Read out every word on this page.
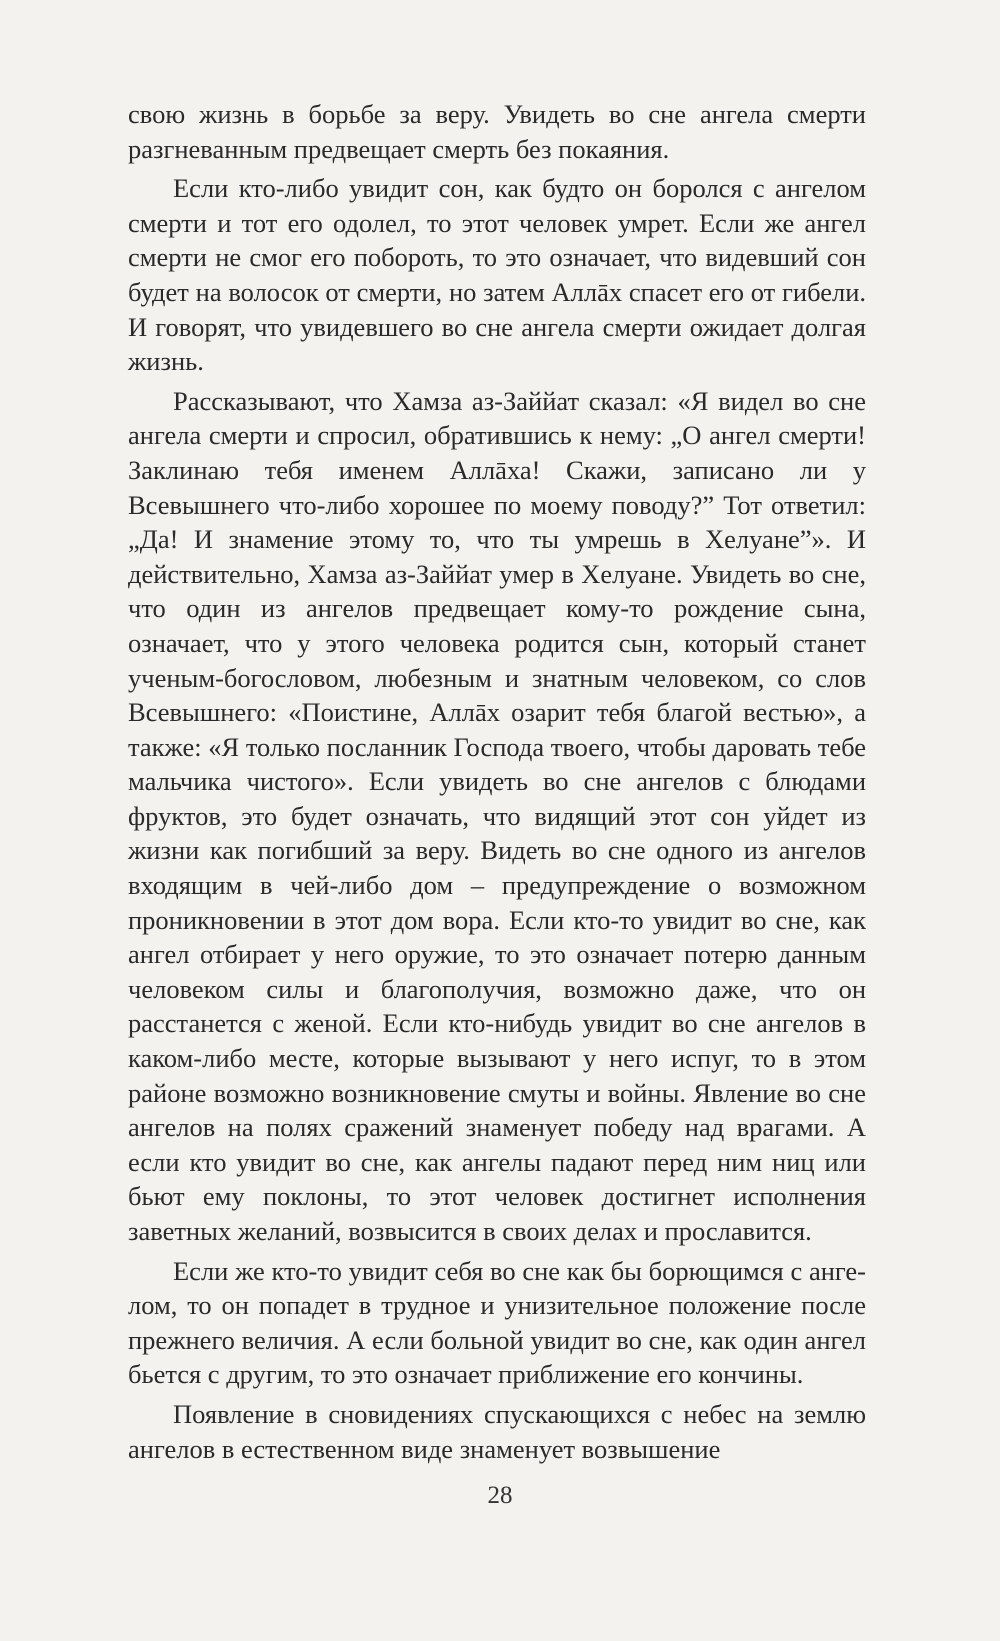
свою жизнь в борьбе за веру. Увидеть во сне ангела смерти разгневанным предвещает смерть без покаяния.

Если кто-либо увидит сон, как будто он боролся с ангелом смерти и тот его одолел, то этот человек умрет. Если же ангел смерти не смог его побороть, то это означает, что видевший сон будет на волосок от смерти, но затем Аллāх спасет его от гибели. И говорят, что увидевшего во сне ангела смерти ожидает долгая жизнь.

Рассказывают, что Хамза аз-Заййат сказал: «Я видел во сне ангела смерти и спросил, обратившись к нему: „О ангел смерти! Заклинаю тебя именем Аллāха! Скажи, записано ли у Всевышнего что-либо хорошее по моему поводу?” Тот ответил: „Да! И знамение этому то, что ты умрешь в Хелуане”». И действительно, Хамза аз-Заййат умер в Хелуане. Увидеть во сне, что один из ангелов предвещает кому-то рождение сына, означает, что у этого человека родится сын, который станет ученым-богословом, любезным и знатным человеком, со слов Всевышнего: «Поистине, Аллāх озарит тебя благой вестью», а также: «Я только посланник Господа твоего, чтобы даровать тебе мальчика чистого». Если увидеть во сне ангелов с блюдами фруктов, это будет означать, что видящий этот сон уйдет из жизни как погибший за веру. Видеть во сне одного из ангелов входящим в чей-либо дом – предупреждение о возможном проникновении в этот дом вора. Если кто-то увидит во сне, как ангел отбирает у него оружие, то это означает потерю данным человеком силы и благополучия, возможно даже, что он расстанется с женой. Если кто-нибудь увидит во сне ангелов в каком-либо месте, которые вызывают у него испуг, то в этом районе возможно возникновение смуты и войны. Явление во сне ангелов на полях сражений знаменует победу над врагами. А если кто увидит во сне, как ангелы падают перед ним ниц или бьют ему поклоны, то этот человек достигнет исполнения заветных желаний, возвысится в своих делах и прославится.

Если же кто-то увидит себя во сне как бы борющимся с ангелом, то он попадет в трудное и унизительное положение после прежнего величия. А если больной увидит во сне, как один ангел бьется с другим, то это означает приближение его кончины.

Появление в сновидениях спускающихся с небес на землю ангелов в естественном виде знаменует возвышение

28
